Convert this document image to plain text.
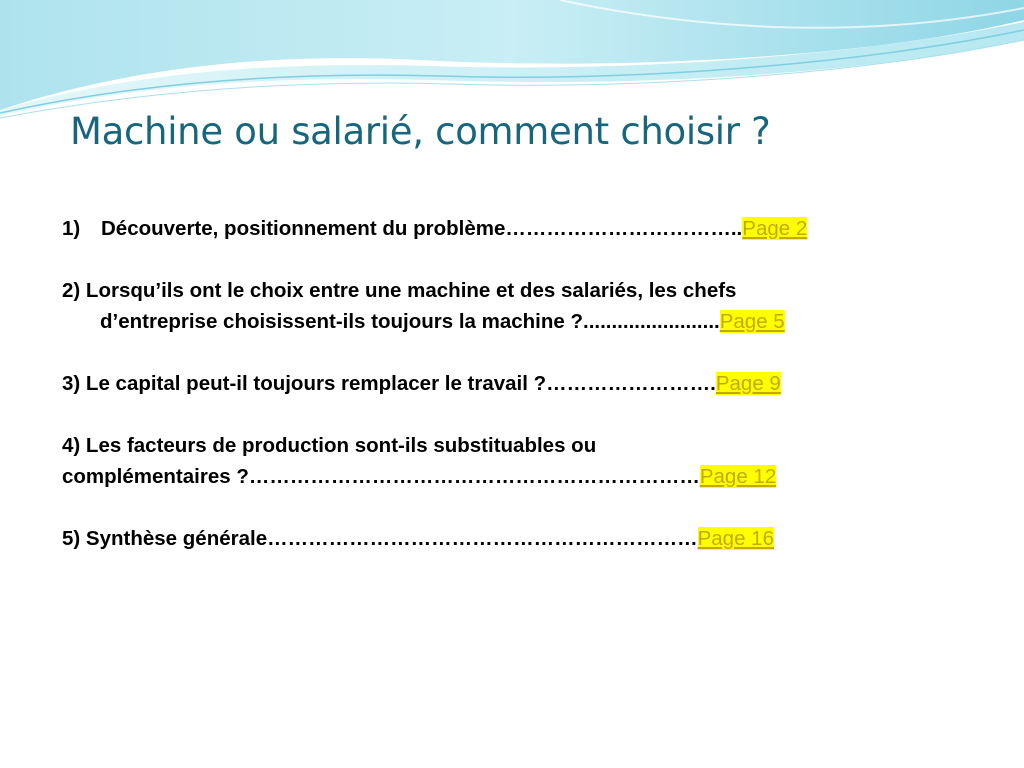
Machine ou salarié, comment choisir ?
1) Découverte, positionnement du problème……………………………..Page 2
2) Lorsqu’ils ont le choix entre une machine et des salariés, les chefs
d’entreprise choisissent-ils toujours la machine ?........................Page 5
3) Le capital peut-il toujours remplacer le travail ?…………………….Page 9
4) Les facteurs de production sont-ils substituables ou
complémentaires ?…………………………………………………………Page 12
5) Synthèse générale………………………………………………………Page 16
